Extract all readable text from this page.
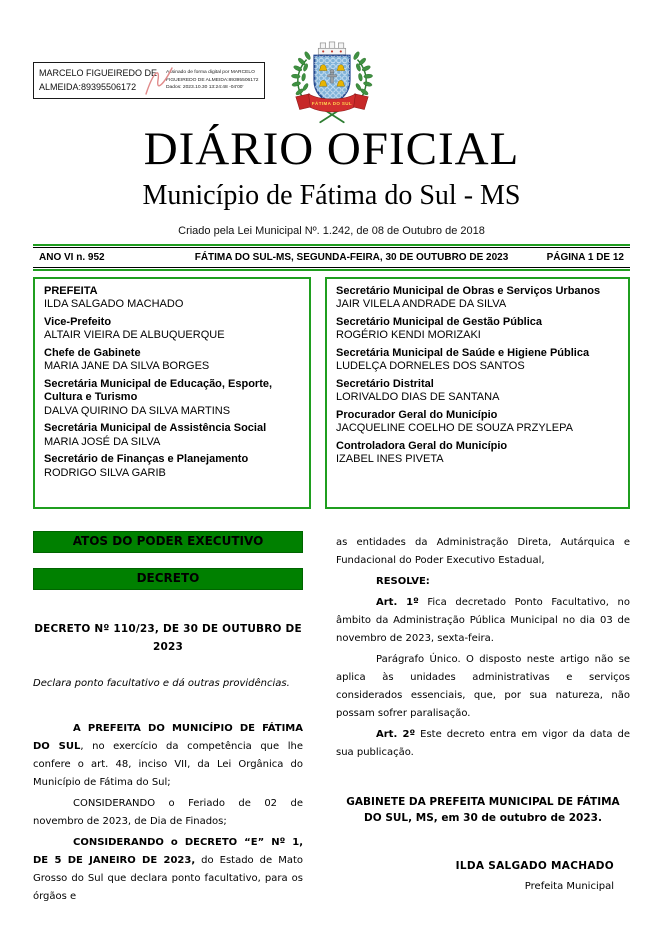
MARCELO FIGUEIREDO DE ALMEIDA:89395506172
Assinado de forma digital por MARCELO FIGUEIREDO DE ALMEIDA:89395506172 Dados: 2023.10.30 13:24:48 -04'00'
FÁTIMA DO SUL
DIÁRIO OFICIAL
Município de Fátima do Sul - MS
Criado pela Lei Municipal Nº. 1.242, de 08 de Outubro de 2018
ANO VI n. 952	FÁTIMA DO SUL-MS, SEGUNDA-FEIRA, 30 DE OUTUBRO DE 2023	PÁGINA 1 DE 12
PREFEITA
ILDA SALGADO MACHADO
Vice-Prefeito
ALTAIR VIEIRA DE ALBUQUERQUE
Chefe de Gabinete
MARIA JANE DA SILVA BORGES
Secretária Municipal de Educação, Esporte, Cultura e Turismo
DALVA QUIRINO DA SILVA MARTINS
Secretária Municipal de Assistência Social
MARIA JOSÉ DA SILVA
Secretário de Finanças e Planejamento
RODRIGO SILVA GARIB
Secretário Municipal de Obras e Serviços Urbanos
JAIR VILELA ANDRADE DA SILVA
Secretário Municipal de Gestão Pública
ROGÉRIO KENDI MORIZAKI
Secretária Municipal de Saúde e Higiene Pública
LUDELÇA DORNELES DOS SANTOS
Secretário Distrital
LORIVALDO DIAS DE SANTANA
Procurador Geral do Município
JACQUELINE COELHO DE SOUZA PRZYLEPA
Controladora Geral do Município
IZABEL INES PIVETA
ATOS DO PODER EXECUTIVO
DECRETO
DECRETO Nº 110/23, DE 30 DE OUTUBRO DE 2023
Declara ponto facultativo e dá outras providências.

A PREFEITA DO MUNICÍPIO DE FÁTIMA DO SUL, no exercício da competência que lhe confere o art. 48, inciso VII, da Lei Orgânica do Município de Fátima do Sul;

CONSIDERANDO o Feriado de 02 de novembro de 2023, de Dia de Finados;

CONSIDERANDO o DECRETO “E” Nº 1, DE 5 DE JANEIRO DE 2023, do Estado de Mato Grosso do Sul que declara ponto facultativo, para os órgãos e

as entidades da Administração Direta, Autárquica e Fundacional do Poder Executivo Estadual,

RESOLVE:

Art. 1º Fica decretado Ponto Facultativo, no âmbito da Administração Pública Municipal no dia 03 de novembro de 2023, sexta-feira.

Parágrafo Único. O disposto neste artigo não se aplica às unidades administrativas e serviços considerados essenciais, que, por sua natureza, não possam sofrer paralisação.

Art. 2º Este decreto entra em vigor da data de sua publicação.

GABINETE DA PREFEITA MUNICIPAL DE FÁTIMA DO SUL, MS, em 30 de outubro de 2023.
ILDA SALGADO MACHADO
Prefeita Municipal
